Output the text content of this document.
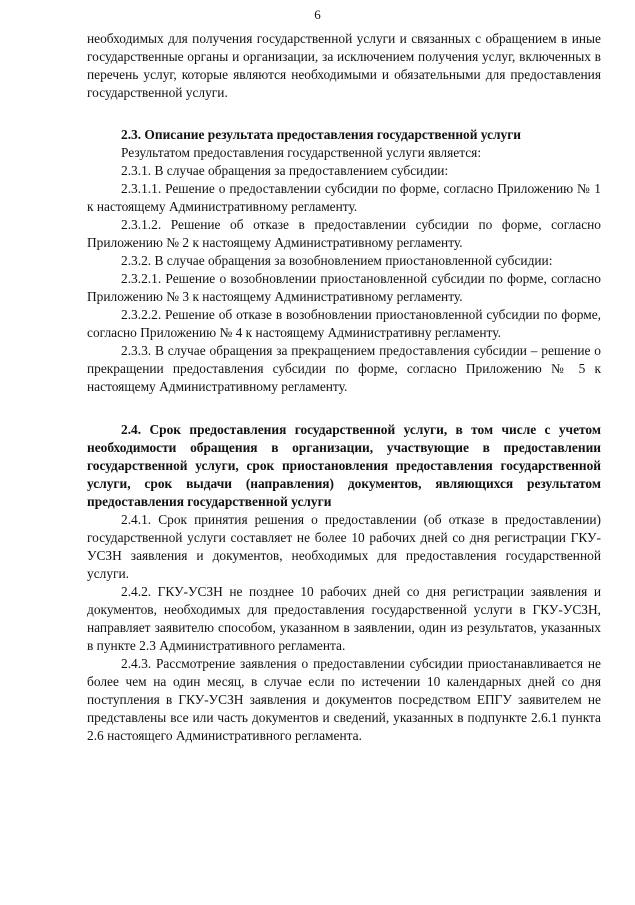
6

необходимых для получения государственной услуги и связанных с обращением в иные государственные органы и организации, за исключением получения услуг, включенных в перечень услуг, которые являются необходимыми и обязательными для предоставления государственной услуги.

2.3. Описание результата предоставления государственной услуги

Результатом предоставления государственной услуги является:

2.3.1. В случае обращения за предоставлением субсидии:

2.3.1.1. Решение о предоставлении субсидии по форме, согласно Приложению № 1 к настоящему Административному регламенту.

2.3.1.2. Решение об отказе в предоставлении субсидии по форме, согласно Приложению № 2 к настоящему Административному регламенту.

2.3.2. В случае обращения за возобновлением приостановленной субсидии:

2.3.2.1. Решение о возобновлении приостановленной субсидии по форме, согласно Приложению № 3 к настоящему Административному регламенту.

2.3.2.2. Решение об отказе в возобновлении приостановленной субсидии по форме, согласно Приложению № 4 к настоящему Административну регламенту.

2.3.3. В случае обращения за прекращением предоставления субсидии – решение о прекращении предоставления субсидии по форме, согласно Приложению № 5 к настоящему Административному регламенту.

2.4. Срок предоставления государственной услуги, в том числе с учетом необходимости обращения в организации, участвующие в предоставлении государственной услуги, срок приостановления предоставления государственной услуги, срок выдачи (направления) документов, являющихся результатом предоставления государственной услуги

2.4.1. Срок принятия решения о предоставлении (об отказе в предоставлении) государственной услуги составляет не более 10 рабочих дней со дня регистрации ГКУ-УСЗН заявления и документов, необходимых для предоставления государственной услуги.

2.4.2. ГКУ-УСЗН не позднее 10 рабочих дней со дня регистрации заявления и документов, необходимых для предоставления государственной услуги в ГКУ-УСЗН, направляет заявителю способом, указанном в заявлении, один из результатов, указанных в пункте 2.3 Административного регламента.

2.4.3. Рассмотрение заявления о предоставлении субсидии приостанавливается не более чем на один месяц, в случае если по истечении 10 календарных дней со дня поступления в ГКУ-УСЗН заявления и документов посредством ЕПГУ заявителем не представлены все или часть документов и сведений, указанных в подпункте 2.6.1 пункта 2.6 настоящего Административного регламента.
